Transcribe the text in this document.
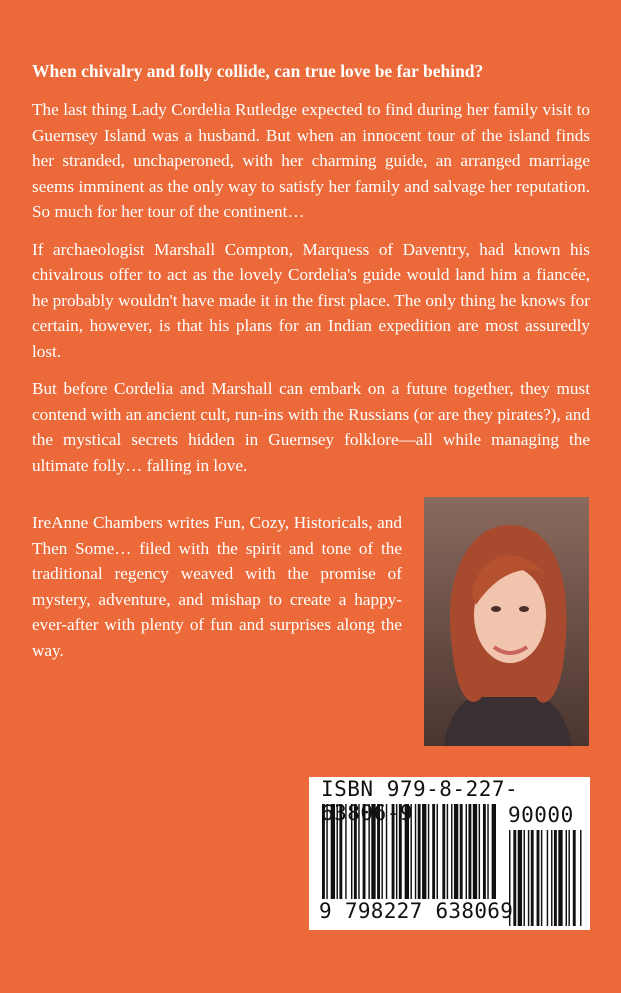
When chivalry and folly collide, can true love be far behind?

The last thing Lady Cordelia Rutledge expected to find during her family visit to Guernsey Island was a husband. But when an innocent tour of the island finds her stranded, unchaperoned, with her charming guide, an arranged marriage seems imminent as the only way to satisfy her family and salvage her reputation. So much for her tour of the continent…

If archaeologist Marshall Compton, Marquess of Daventry, had known his chivalrous offer to act as the lovely Cordelia's guide would land him a fiancée, he probably wouldn't have made it in the first place. The only thing he knows for certain, however, is that his plans for an Indian expedition are most assuredly lost.

But before Cordelia and Marshall can embark on a future together, they must contend with an ancient cult, run-ins with the Russians (or are they pirates?), and the mystical secrets hidden in Guernsey folklore—all while managing the ultimate folly… falling in love.

IreAnne Chambers writes Fun, Cozy, Historicals, and Then Some… filed with the spirit and tone of the traditional regency weaved with the promise of mystery, adventure, and mishap to create a happy-ever-after with plenty of fun and surprises along the way.

ISBN 979-8-227-63806-9	90000
9 798227 638069
